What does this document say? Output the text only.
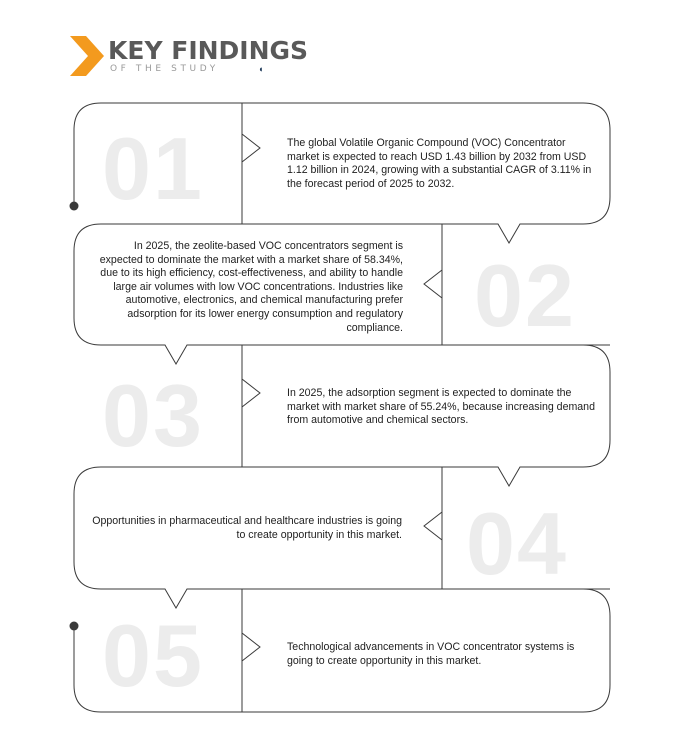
KEY FINDINGS
OF THE STUDY	◖
01	The global Volatile Organic Compound (VOC) Concentrator market is expected to reach USD 1.43 billion by 2032 from USD 1.12 billion in 2024, growing with a substantial CAGR of 3.11% in the forecast period of 2025 to 2032.
In 2025, the zeolite-based VOC concentrators segment is expected to dominate the market with a market share of 58.34%, due to its high efficiency, cost-effectiveness, and ability to handle large air volumes with low VOC concentrations. Industries like automotive, electronics, and chemical manufacturing prefer adsorption for its lower energy consumption and regulatory compliance. 02
03	In 2025, the adsorption segment is expected to dominate the market with market share of 55.24%, because increasing demand from automotive and chemical sectors.
Opportunities in pharmaceutical and healthcare industries is going to create opportunity in this market. 04
05	Technological advancements in VOC concentrator systems is going to create opportunity in this market.
